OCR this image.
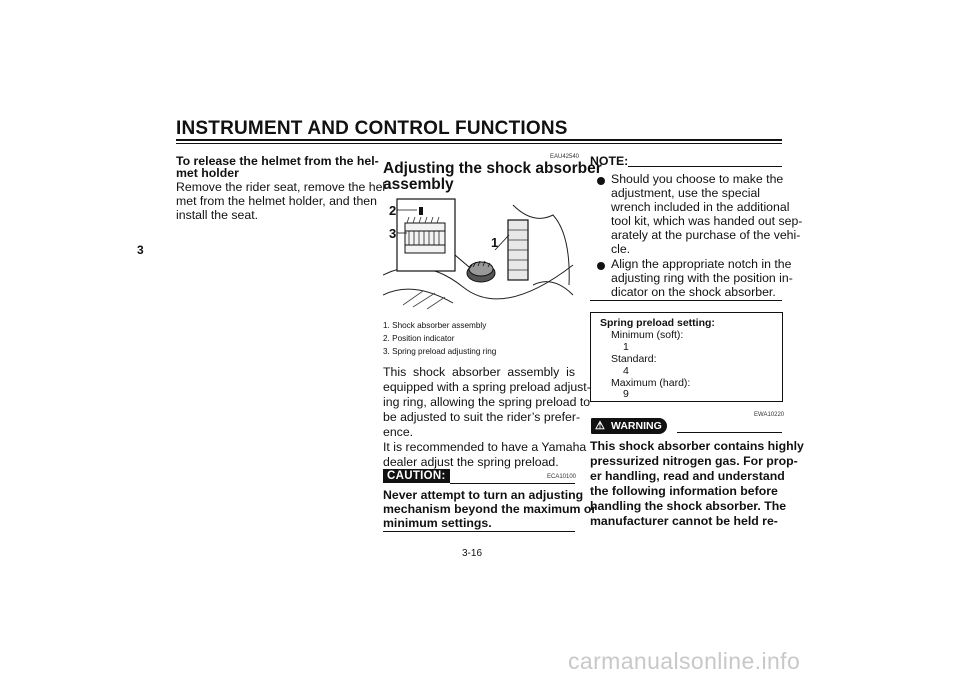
INSTRUMENT AND CONTROL FUNCTIONS
3
To release the helmet from the hel-
met holder
Remove the rider seat, remove the hel-
met from the helmet holder, and then
install the seat.
EAU42540
Adjusting the shock absorber
assembly
2
3
1
1. Shock absorber assembly
2. Position indicator
3. Spring preload adjusting ring
This shock absorber assembly is
equipped with a spring preload adjust-
ing ring, allowing the spring preload to
be adjusted to suit the rider’s prefer-
ence.
It is recommended to have a Yamaha
dealer adjust the spring preload.
ECA10100
CAUTION:
Never attempt to turn an adjusting
mechanism beyond the maximum or
minimum settings.
NOTE:
Should you choose to make the
adjustment, use the special
wrench included in the additional
tool kit, which was handed out sep-
arately at the purchase of the vehi-
cle.
Align the appropriate notch in the
adjusting ring with the position in-
dicator on the shock absorber.
Spring preload setting:
Minimum (soft):
1
Standard:
4
Maximum (hard):
9
⚠ WARNING
EWA10220
This shock absorber contains highly
pressurized nitrogen gas. For prop-
er handling, read and understand
the following information before
handling the shock absorber. The
manufacturer cannot be held re-
3-16
carmanualsonline.info
